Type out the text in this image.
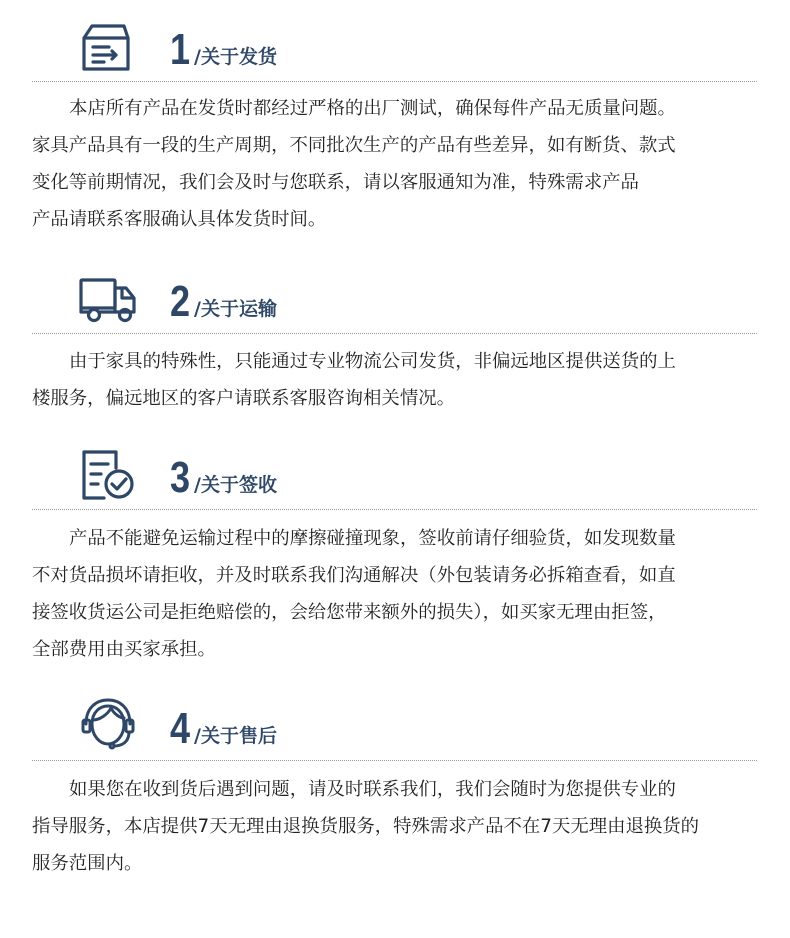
1 /关于发货
本店所有产品在发货时都经过严格的出厂测试，确保每件产品无质量问题。
家具产品具有一段的生产周期，不同批次生产的产品有些差异，如有断货、款式
变化等前期情况，我们会及时与您联系，请以客服通知为准，特殊需求产品
产品请联系客服确认具体发货时间。
2 /关于运输
由于家具的特殊性，只能通过专业物流公司发货，非偏远地区提供送货的上
楼服务，偏远地区的客户请联系客服咨询相关情况。
3 /关于签收
产品不能避免运输过程中的摩擦碰撞现象，签收前请仔细验货，如发现数量
不对货品损坏请拒收，并及时联系我们沟通解决（外包装请务必拆箱查看，如直
接签收货运公司是拒绝赔偿的，会给您带来额外的损失），如买家无理由拒签，
全部费用由买家承担。
4 /关于售后
如果您在收到货后遇到问题，请及时联系我们，我们会随时为您提供专业的
指导服务，本店提供7天无理由退换货服务，特殊需求产品不在7天无理由退换货的
服务范围内。
